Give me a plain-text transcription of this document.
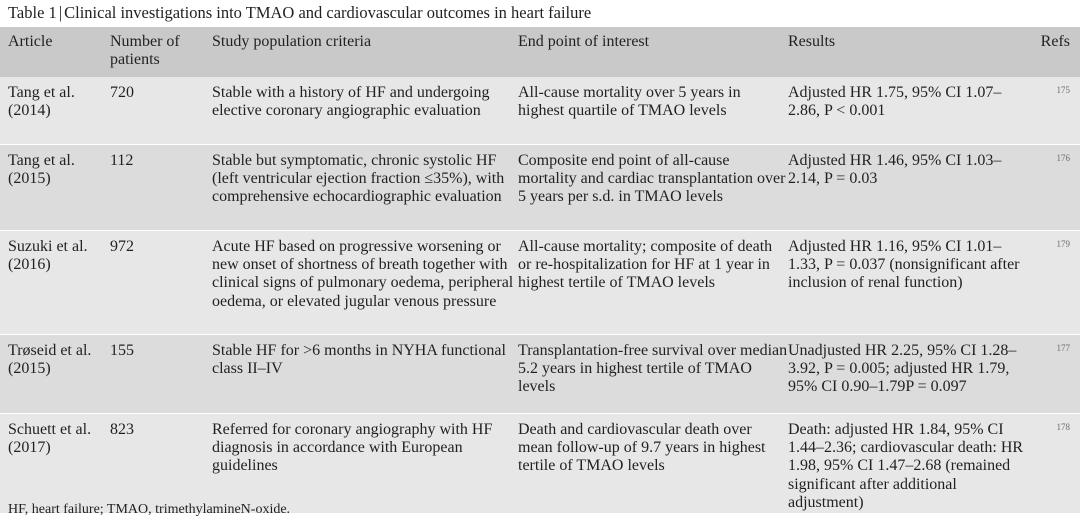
Table 1 | Clinical investigations into TMAO and cardiovascular outcomes in heart failure
Article	Number of patients	Study population criteria	End point of interest	Results	Refs
Tang et al. (2014)	720	Stable with a history of HF and undergoing elective coronary angiographic evaluation	All-cause mortality over 5 years in highest quartile of TMAO levels	Adjusted HR 1.75, 95% CI 1.07–2.86, P < 0.001	175
Tang et al. (2015)	112	Stable but symptomatic, chronic systolic HF (left ventricular ejection fraction ≤35%), with comprehensive echocardiographic evaluation	Composite end point of all-cause mortality and cardiac transplantation over 5 years per s.d. in TMAO levels	Adjusted HR 1.46, 95% CI 1.03–2.14, P = 0.03	176
Suzuki et al. (2016)	972	Acute HF based on progressive worsening or new onset of shortness of breath together with clinical signs of pulmonary oedema, peripheral oedema, or elevated jugular venous pressure	All-cause mortality; composite of death or re-hospitalization for HF at 1 year in highest tertile of TMAO levels	Adjusted HR 1.16, 95% CI 1.01–1.33, P = 0.037 (nonsignificant after inclusion of renal function)	179
Trøseid et al. (2015)	155	Stable HF for >6 months in NYHA functional class II–IV	Transplantation-free survival over median 5.2 years in highest tertile of TMAO levels	Unadjusted HR 2.25, 95% CI 1.28–3.92, P = 0.005; adjusted HR 1.79, 95% CI 0.90–1.79P = 0.097	177
Schuett et al. (2017)	823	Referred for coronary angiography with HF diagnosis in accordance with European guidelines	Death and cardiovascular death over mean follow-up of 9.7 years in highest tertile of TMAO levels	Death: adjusted HR 1.84, 95% CI 1.44–2.36; cardiovascular death: HR 1.98, 95% CI 1.47–2.68 (remained significant after additional adjustment)	178
HF, heart failure; TMAO, trimethylamineN-oxide.
